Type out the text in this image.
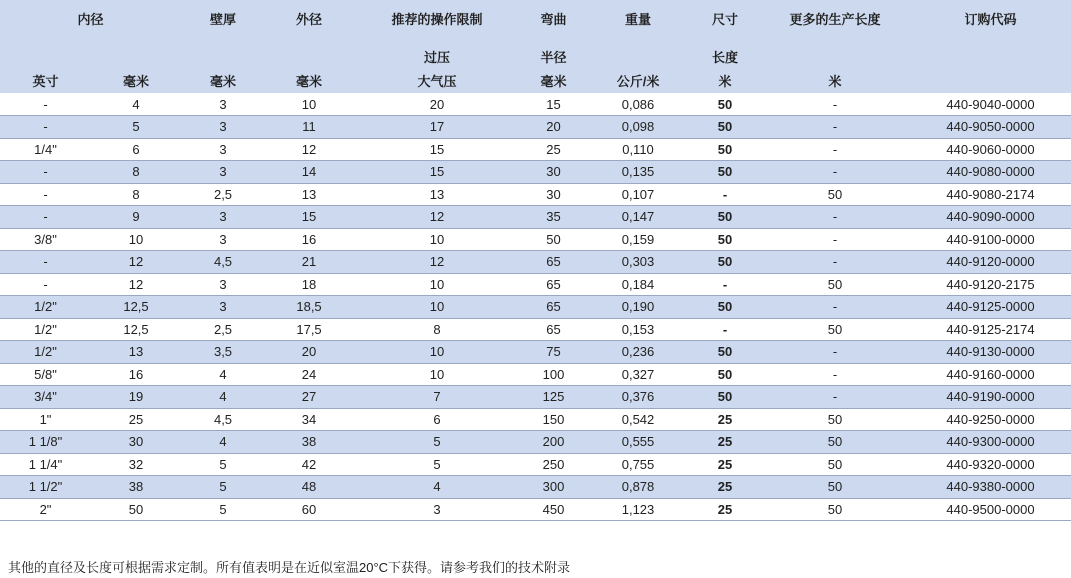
内径		壁厚	外径	推荐的操作限制	弯曲	重量	尺寸	更多的生产长度	订购代码
				过压	半径		长度		
英寸	毫米	毫米	毫米	大气压	毫米	公斤/米	米	米	
-	4	3	10	20	15	0,086	50	-	440-9040-0000
-	5	3	11	17	20	0,098	50	-	440-9050-0000
1/4"	6	3	12	15	25	0,110	50	-	440-9060-0000
-	8	3	14	15	30	0,135	50	-	440-9080-0000
-	8	2,5	13	13	30	0,107	-	50	440-9080-2174
-	9	3	15	12	35	0,147	50	-	440-9090-0000
3/8"	10	3	16	10	50	0,159	50	-	440-9100-0000
-	12	4,5	21	12	65	0,303	50	-	440-9120-0000
-	12	3	18	10	65	0,184	-	50	440-9120-2175
1/2"	12,5	3	18,5	10	65	0,190	50	-	440-9125-0000
1/2"	12,5	2,5	17,5	8	65	0,153	-	50	440-9125-2174
1/2"	13	3,5	20	10	75	0,236	50	-	440-9130-0000
5/8"	16	4	24	10	100	0,327	50	-	440-9160-0000
3/4"	19	4	27	7	125	0,376	50	-	440-9190-0000
1"	25	4,5	34	6	150	0,542	25	50	440-9250-0000
1 1/8"	30	4	38	5	200	0,555	25	50	440-9300-0000
1 1/4"	32	5	42	5	250	0,755	25	50	440-9320-0000
1 1/2"	38	5	48	4	300	0,878	25	50	440-9380-0000
2"	50	5	60	3	450	1,123	25	50	440-9500-0000
其他的直径及长度可根据需求定制。所有值表明是在近似室温20°C下获得。请参考我们的技术附录
